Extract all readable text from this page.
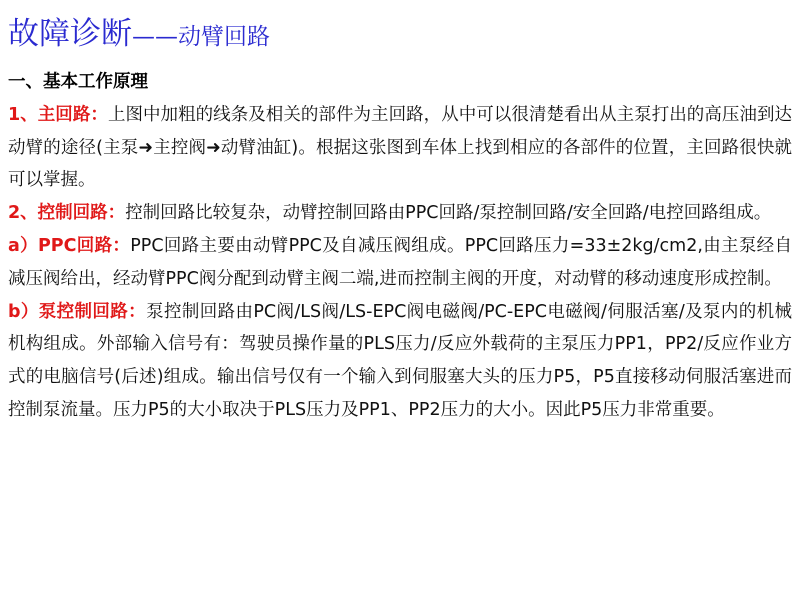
故障诊断——动臂回路

一、基本工作原理

1、主回路：上图中加粗的线条及相关的部件为主回路，从中可以很清楚看出从主泵打出的高压油到达动臂的途径(主泵➜主控阀➜动臂油缸)。根据这张图到车体上找到相应的各部件的位置，主回路很快就可以掌握。

2、控制回路：控制回路比较复杂，动臂控制回路由PPC回路/泵控制回路/安全回路/电控回路组成。

a）PPC回路：PPC回路主要由动臂PPC及自减压阀组成。PPC回路压力=33±2kg/cm2,由主泵经自减压阀给出，经动臂PPC阀分配到动臂主阀二端,进而控制主阀的开度，对动臂的移动速度形成控制。

b）泵控制回路：泵控制回路由PC阀/LS阀/LS-EPC阀电磁阀/PC-EPC电磁阀/伺服活塞/及泵内的机械机构组成。外部输入信号有：驾驶员操作量的PLS压力/反应外载荷的主泵压力PP1，PP2/反应作业方式的电脑信号(后述)组成。输出信号仅有一个输入到伺服塞大头的压力P5，P5直接移动伺服活塞进而控制泵流量。压力P5的大小取决于PLS压力及PP1、PP2压力的大小。因此P5压力非常重要。
